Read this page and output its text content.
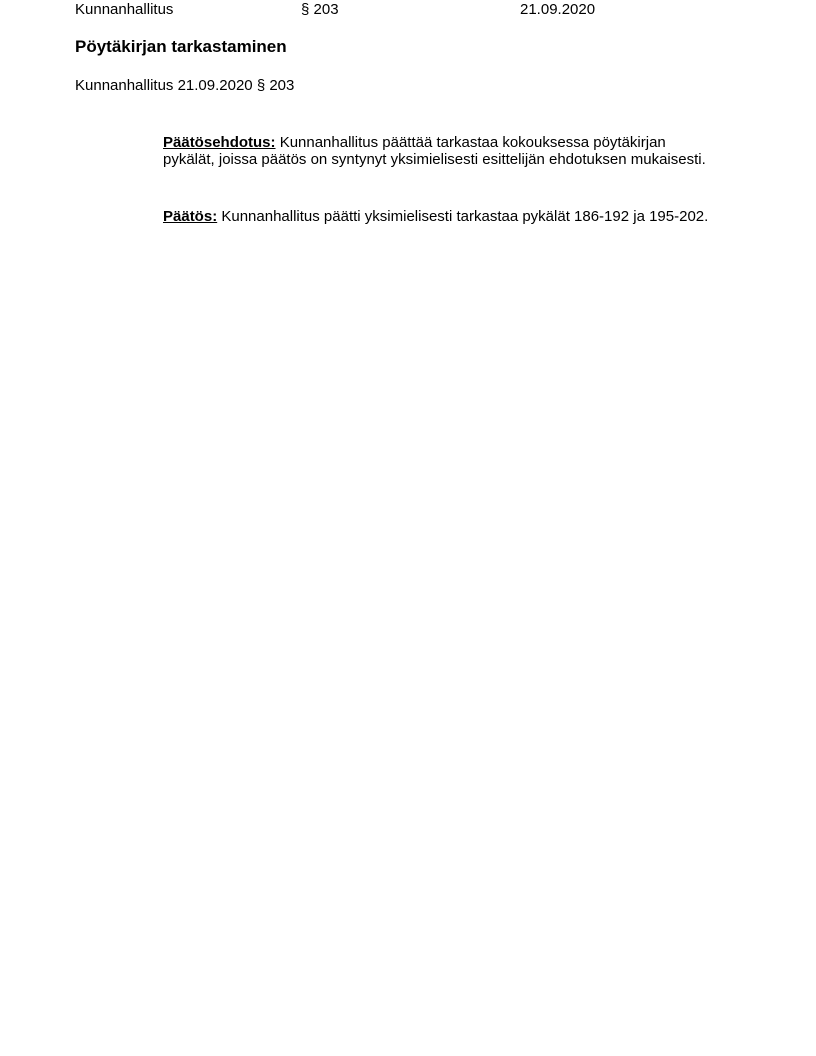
Kunnanhallitus	§ 203	21.09.2020
Pöytäkirjan tarkastaminen
Kunnanhallitus 21.09.2020 § 203

Päätösehdotus: Kunnanhallitus päättää tarkastaa kokouksessa pöytäkirjan pykälät, joissa päätös on syntynyt yksimielisesti esittelijän ehdotuksen mukaisesti.

Päätös: Kunnanhallitus päätti yksimielisesti tarkastaa pykälät 186-192 ja 195-202.
